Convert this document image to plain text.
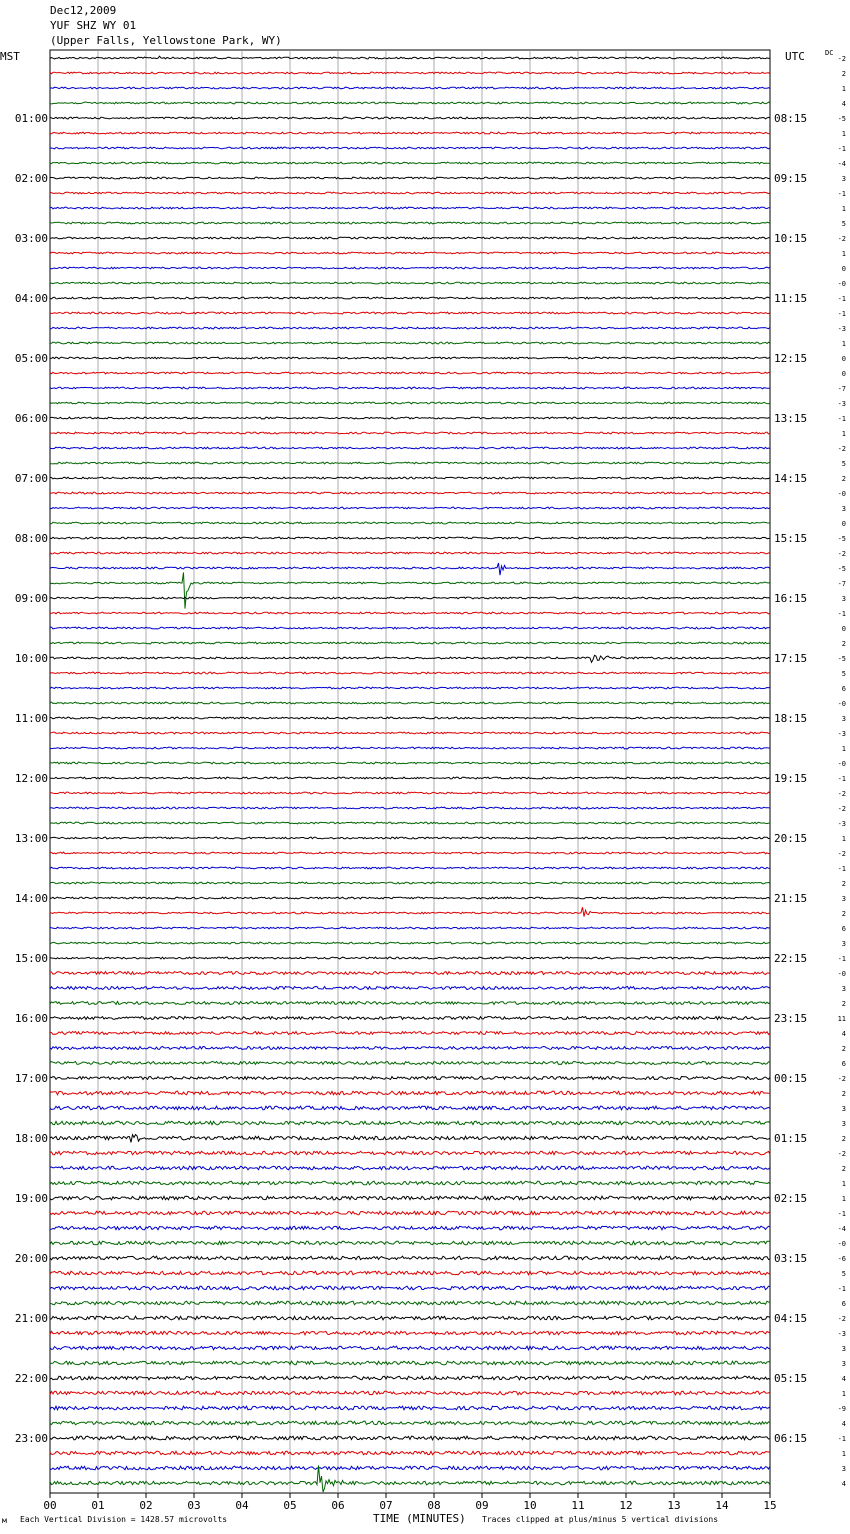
Dec12,2009
YUF SHZ WY 01
(Upper Falls, Yellowstone Park, WY)
MST	UTC	DC
-2
2
1
4
-5
1
-1
-4
3
-1
1
5
-2
1
0
-0
-1
-1
-3
1
0
0
-7
-3
-1
1
-2
5
2
-0
3
0
-5
-2
-5
-7
3
-1
0
2
-5
5
6
-0
3
-3
1
-0
-1
-2
-2
-3
1
-2
-1
2
3
2
6
3
-1
-0
3
2
11
4
2
6
-2
2
3
3
2
-2
2
1
1
-1
-4
-0
-6
5
-1
6
-2
-3
3
3
4
1
-9
4
-1
1
3
4
01:00
02:00
03:00
04:00
05:00
06:00
07:00
08:00
09:00
10:00
11:00
12:00
13:00
14:00
15:00
16:00
17:00
18:00
19:00
20:00
21:00
22:00
23:00
08:15
09:15
10:15
11:15
12:15
13:15
14:15
15:15
16:15
17:15
18:15
19:15
20:15
21:15
22:15
23:15
00:15
01:15
02:15
03:15
04:15
05:15
06:15
00	01	02	03	04	05	06	07	08	09	10	11	12	13	14	15
м Each Vertical Division = 1428.57 microvolts	TIME (MINUTES) Traces clipped at plus/minus 5 vertical divisions
